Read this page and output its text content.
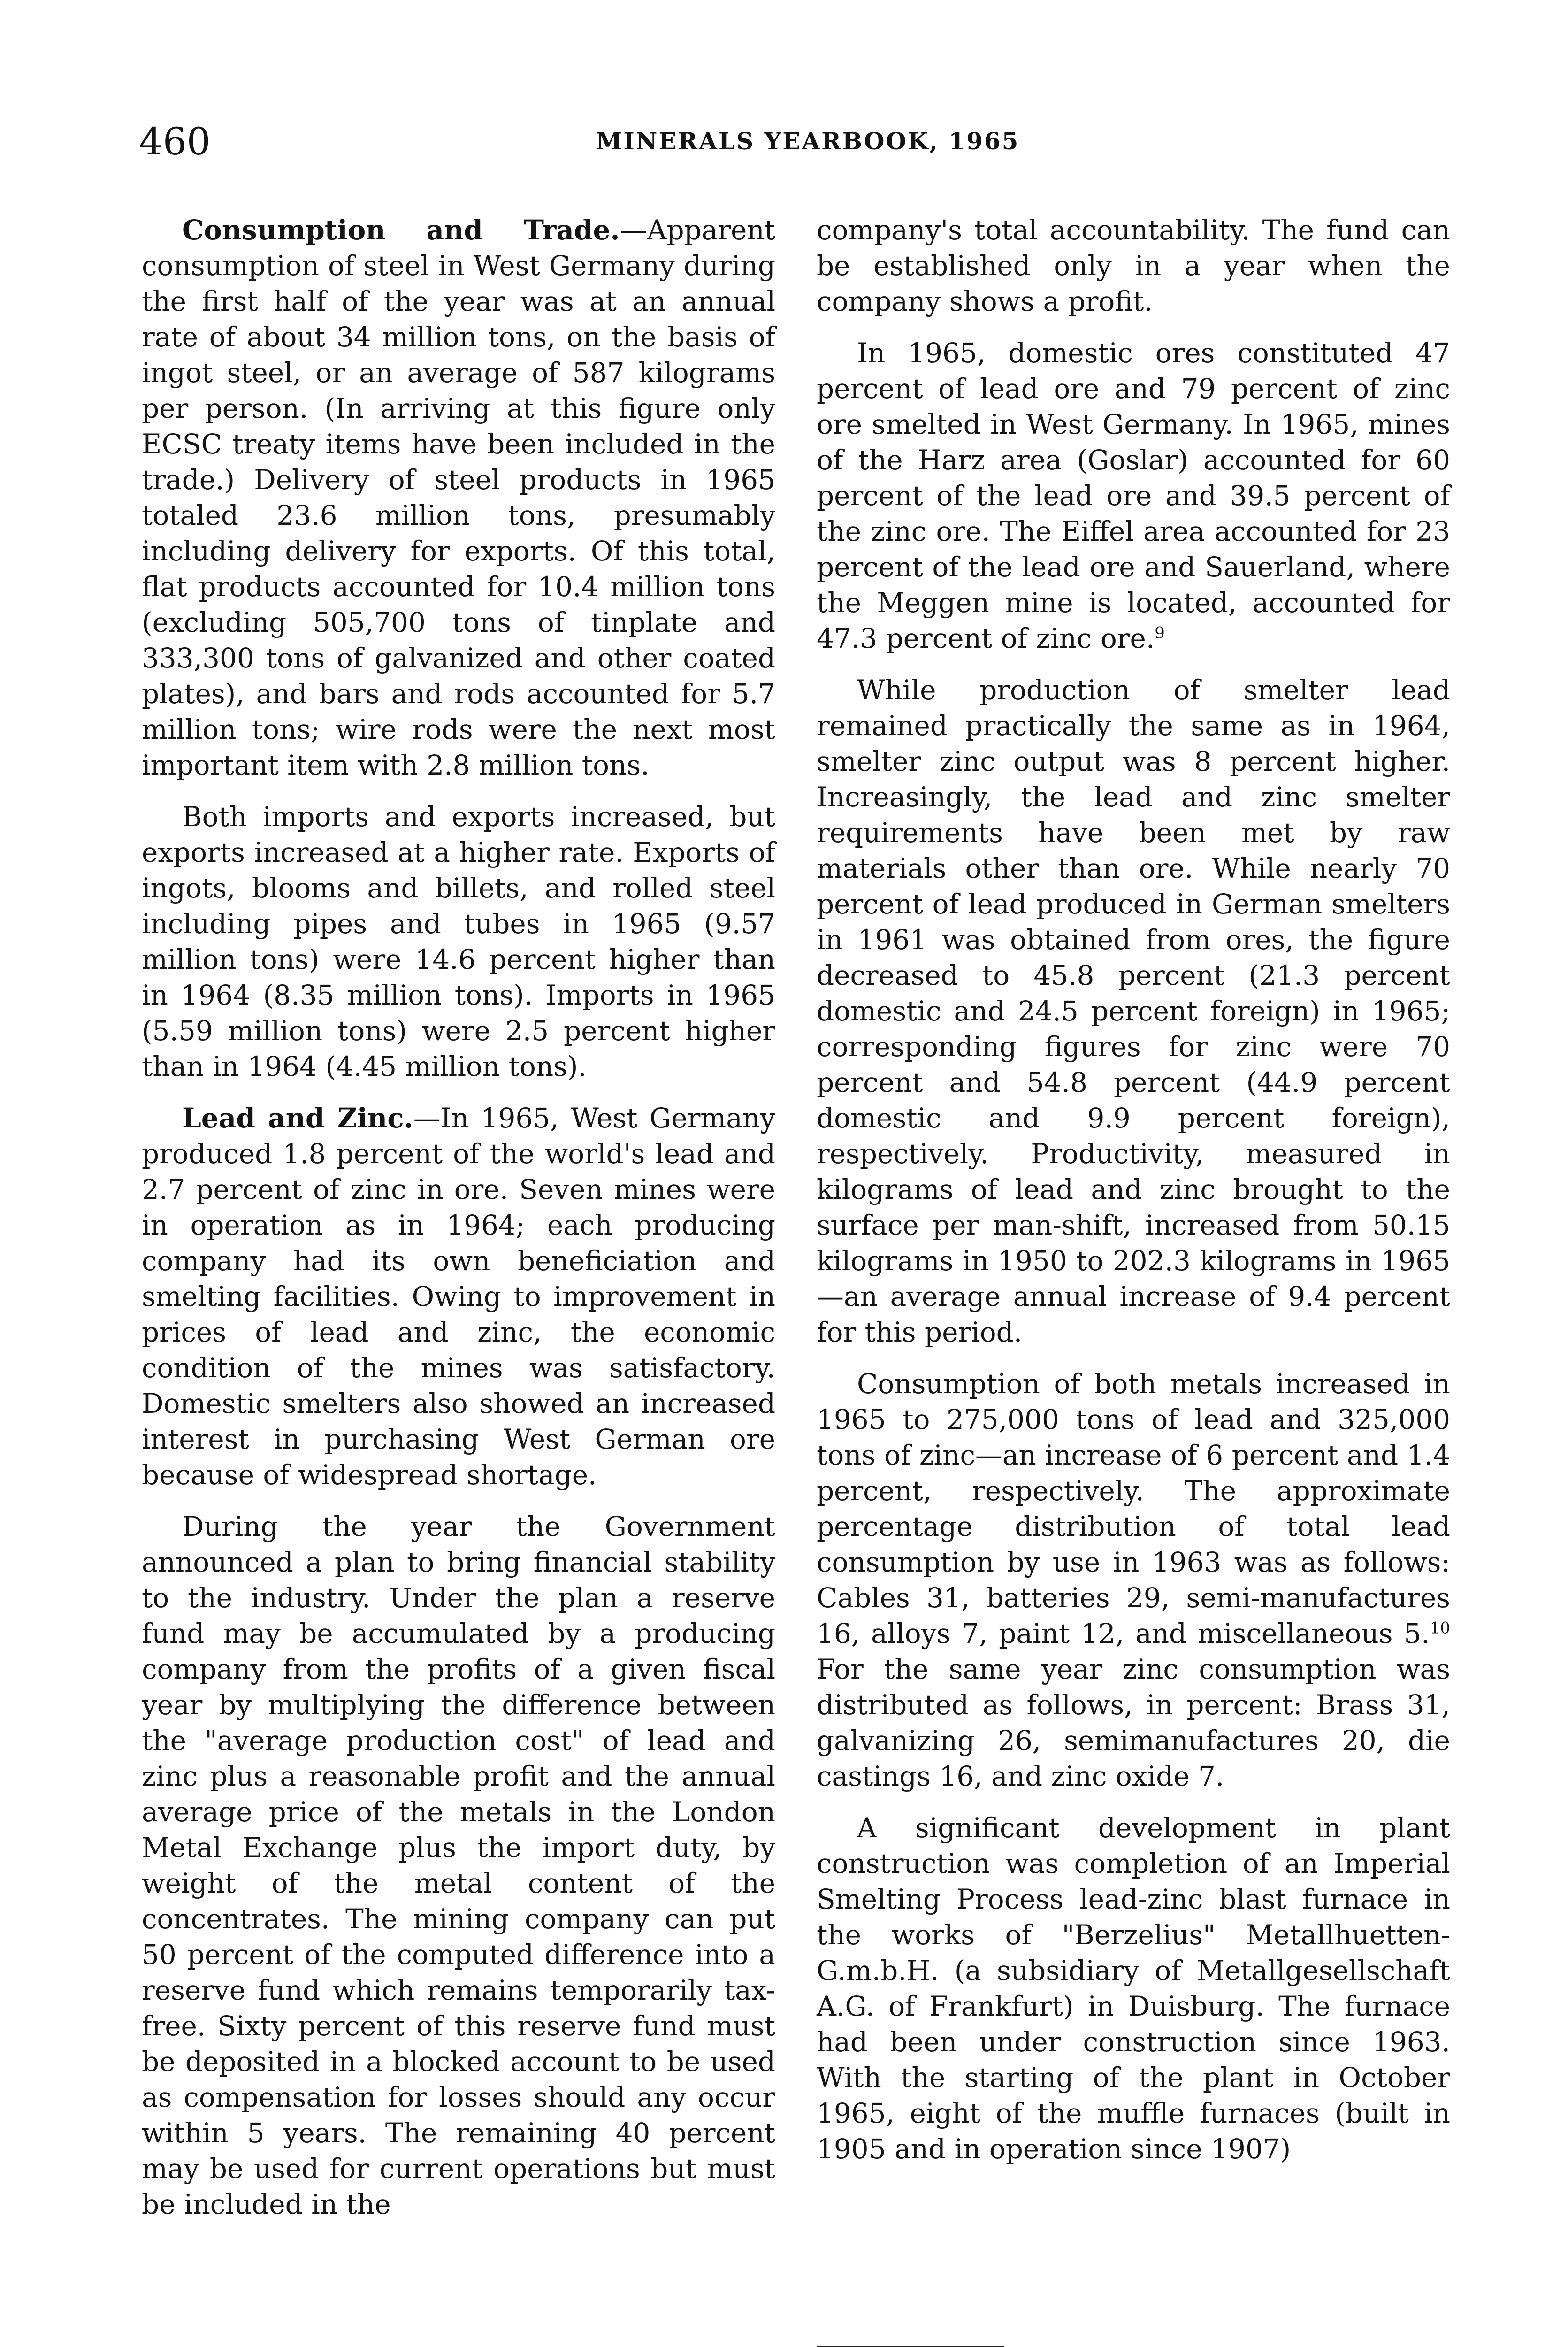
460	MINERALS YEARBOOK, 1965

Consumption and Trade.—Apparent consumption of steel in West Germany during the first half of the year was at an annual rate of about 34 million tons, on the basis of ingot steel, or an average of 587 kilograms per person. (In arriving at this figure only ECSC treaty items have been included in the trade.) Delivery of steel products in 1965 totaled 23.6 million tons, presumably including delivery for exports. Of this total, flat products accounted for 10.4 million tons (excluding 505,700 tons of tinplate and 333,300 tons of galvanized and other coated plates), and bars and rods accounted for 5.7 million tons; wire rods were the next most important item with 2.8 million tons.

Both imports and exports increased, but exports increased at a higher rate. Exports of ingots, blooms and billets, and rolled steel including pipes and tubes in 1965 (9.57 million tons) were 14.6 percent higher than in 1964 (8.35 million tons). Imports in 1965 (5.59 million tons) were 2.5 percent higher than in 1964 (4.45 million tons).

Lead and Zinc.—In 1965, West Germany produced 1.8 percent of the world's lead and 2.7 percent of zinc in ore. Seven mines were in operation as in 1964; each producing company had its own beneficiation and smelting facilities. Owing to improvement in prices of lead and zinc, the economic condition of the mines was satisfactory. Domestic smelters also showed an increased interest in purchasing West German ore because of widespread shortage.

During the year the Government announced a plan to bring financial stability to the industry. Under the plan a reserve fund may be accumulated by a producing company from the profits of a given fiscal year by multiplying the difference between the "average production cost" of lead and zinc plus a reasonable profit and the annual average price of the metals in the London Metal Exchange plus the import duty, by weight of the metal content of the concentrates. The mining company can put 50 percent of the computed difference into a reserve fund which remains temporarily tax-free. Sixty percent of this reserve fund must be deposited in a blocked account to be used as compensation for losses should any occur within 5 years. The remaining 40 percent may be used for current operations but must be included in the

company's total accountability. The fund can be established only in a year when the company shows a profit.

In 1965, domestic ores constituted 47 percent of lead ore and 79 percent of zinc ore smelted in West Germany. In 1965, mines of the Harz area (Goslar) accounted for 60 percent of the lead ore and 39.5 percent of the zinc ore. The Eiffel area accounted for 23 percent of the lead ore and Sauerland, where the Meggen mine is located, accounted for 47.3 percent of zinc ore.$^9$

While production of smelter lead remained practically the same as in 1964, smelter zinc output was 8 percent higher. Increasingly, the lead and zinc smelter requirements have been met by raw materials other than ore. While nearly 70 percent of lead produced in German smelters in 1961 was obtained from ores, the figure decreased to 45.8 percent (21.3 percent domestic and 24.5 percent foreign) in 1965; corresponding figures for zinc were 70 percent and 54.8 percent (44.9 percent domestic and 9.9 percent foreign), respectively. Productivity, measured in kilograms of lead and zinc brought to the surface per man-shift, increased from 50.15 kilograms in 1950 to 202.3 kilograms in 1965—an average annual increase of 9.4 percent for this period.

Consumption of both metals increased in 1965 to 275,000 tons of lead and 325,000 tons of zinc—an increase of 6 percent and 1.4 percent, respectively. The approximate percentage distribution of total lead consumption by use in 1963 was as follows: Cables 31, batteries 29, semi-manufactures 16, alloys 7, paint 12, and miscellaneous 5.10 For the same year zinc consumption was distributed as follows, in percent: Brass 31, galvanizing 26, semimanufactures 20, die castings 16, and zinc oxide 7.

A significant development in plant construction was completion of an Imperial Smelting Process lead-zinc blast furnace in the works of "Berzelius" Metallhuetten-G.m.b.H. (a subsidiary of Metallgesellschaft A.G. of Frankfurt) in Duisburg. The furnace had been under construction since 1963. With the starting of the plant in October 1965, eight of the muffle furnaces (built in 1905 and in operation since 1907)
